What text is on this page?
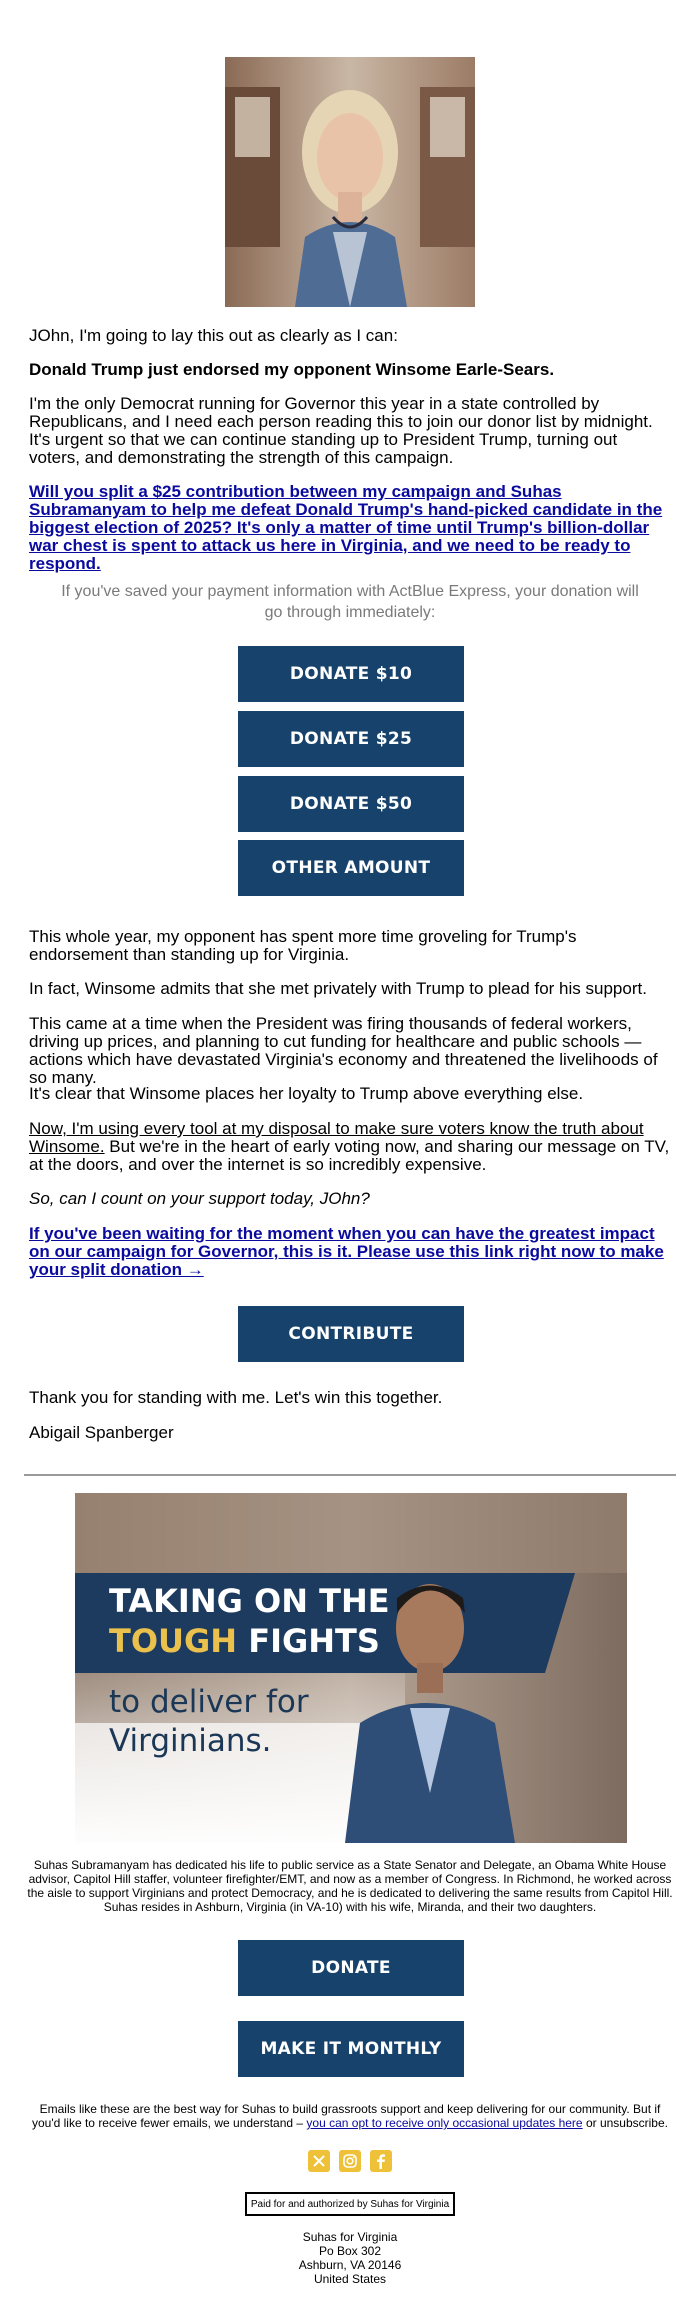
JOhn, I'm going to lay this out as clearly as I can:

Donald Trump just endorsed my opponent Winsome Earle-Sears.

I'm the only Democrat running for Governor this year in a state controlled by Republicans, and I need each person reading this to join our donor list by midnight. It's urgent so that we can continue standing up to President Trump, turning out voters, and demonstrating the strength of this campaign.

Will you split a $25 contribution between my campaign and Suhas Subramanyam to help me defeat Donald Trump's hand-picked candidate in the biggest election of 2025? It's only a matter of time until Trump's billion-dollar war chest is spent to attack us here in Virginia, and we need to be ready to respond.

If you've saved your payment information with ActBlue Express, your donation will go through immediately:

DONATE $10
DONATE $25
DONATE $50
OTHER AMOUNT

This whole year, my opponent has spent more time groveling for Trump's endorsement than standing up for Virginia.

In fact, Winsome admits that she met privately with Trump to plead for his support.

This came at a time when the President was firing thousands of federal workers, driving up prices, and planning to cut funding for healthcare and public schools — actions which have devastated Virginia's economy and threatened the livelihoods of so many.

It's clear that Winsome places her loyalty to Trump above everything else.

Now, I'm using every tool at my disposal to make sure voters know the truth about Winsome. But we're in the heart of early voting now, and sharing our message on TV, at the doors, and over the internet is so incredibly expensive.

So, can I count on your support today, JOhn?

If you've been waiting for the moment when you can have the greatest impact on our campaign for Governor, this is it. Please use this link right now to make your split donation →
CONTRIBUTE

Thank you for standing with me. Let's win this together.

Abigail Spanberger

TAKING ON THE
TOUGH FIGHTS
to deliver for Virginians.

Suhas Subramanyam has dedicated his life to public service as a State Senator and Delegate, an Obama White House advisor, Capitol Hill staffer, volunteer firefighter/EMT, and now as a member of Congress. In Richmond, he worked across the aisle to support Virginians and protect Democracy, and he is dedicated to delivering the same results from Capitol Hill. Suhas resides in Ashburn, Virginia (in VA-10) with his wife, Miranda, and their two daughters.

DONATE
MAKE IT MONTHLY

Emails like these are the best way for Suhas to build grassroots support and keep delivering for our community. But if you'd like to receive fewer emails, we understand – you can opt to receive only occasional updates here or unsubscribe.

Paid for and authorized by Suhas for Virginia
Suhas for Virginia
Po Box 302
Ashburn, VA 20146
United States
